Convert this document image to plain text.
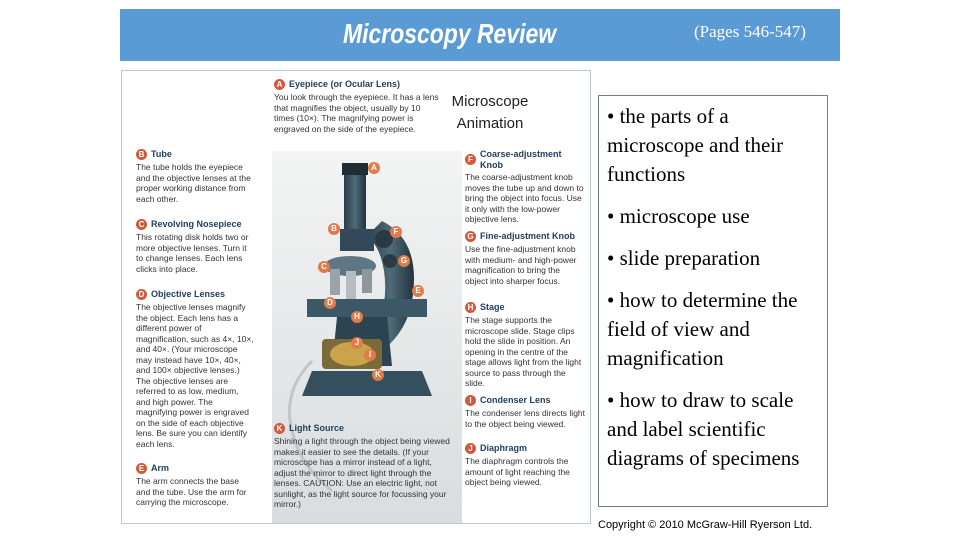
Microscopy Review	(Pages 546-547)
A
B
C
D
E
F
G
H
I
J
K
A Eyepiece (or Ocular Lens)
You look through the eyepiece. It has a lens that magnifies the object, usually by 10 times (10×). The magnifying power is engraved on the side of the eyepiece.
B Tube
The tube holds the eyepiece and the objective lenses at the proper working distance from each other.
C Revolving Nosepiece
This rotating disk holds two or more objective lenses. Turn it to change lenses. Each lens clicks into place.
D Objective Lenses
The objective lenses magnify the object. Each lens has a different power of magnification, such as 4×, 10×, and 40×. (Your microscope may instead have 10×, 40×, and 100× objective lenses.) The objective lenses are referred to as low, medium, and high power. The magnifying power is engraved on the side of each objective lens. Be sure you can identify each lens.
E Arm
The arm connects the base and the tube. Use the arm for carrying the microscope.
F
Coarse-adjustment Knob
The coarse-adjustment knob moves the tube up and down to bring the object into focus. Use it only with the low-power objective lens.
G Fine-adjustment Knob
Use the fine-adjustment knob with medium- and high-power magnification to bring the object into sharper focus.
H Stage
The stage supports the microscope slide. Stage clips hold the slide in position. An opening in the centre of the stage allows light from the light source to pass through the slide.
I Condenser Lens
The condenser lens directs light to the object being viewed.
J Diaphragm
The diaphragm controls the amount of light reaching the object being viewed.
K Light Source
Shining a light through the object being viewed makes it easier to see the details. (If your microscope has a mirror instead of a light, adjust the mirror to direct light through the lenses. CAUTION: Use an electric light, not sunlight, as the light source for focussing your mirror.)
Microscope Animation	• the parts of a microscope and their functions
• microscope use
• slide preparation
• how to determine the field of view and magnification
• how to draw to scale and label scientific diagrams of specimens
Copyright © 2010 McGraw-Hill Ryerson Ltd.
